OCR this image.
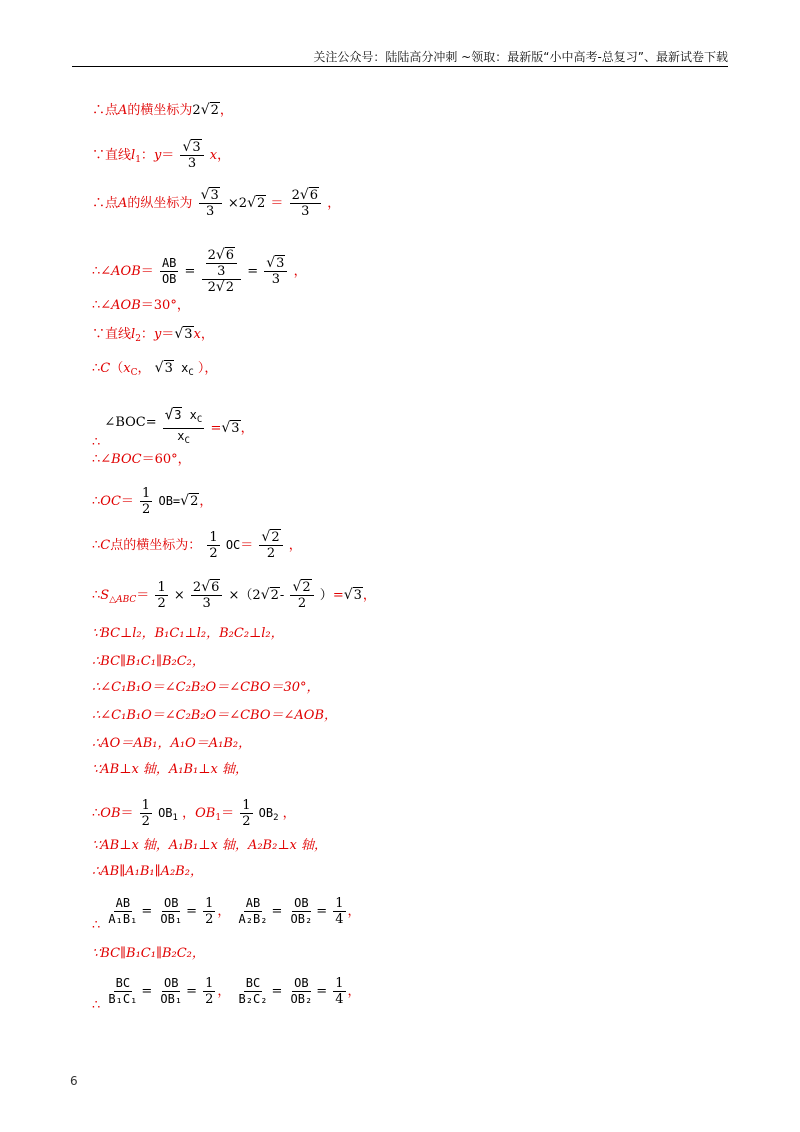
关注公众号：陆陆高分冲刺 ~领取：最新版“小中高考-总复习”、最新试卷下载
∴点A的横坐标为2√2，
∵直线$l_1$：$y= \frac{√3}{3}$ x，
∴点A的纵坐标为 $\frac{√3}{3} \times 2√2 = \frac{2√6}{3}$ ，
∴∠AOB＝ $\frac{AB}{OB} = \frac{\frac{2√6}{3}}{2√2} = \frac{√3}{3}$ ，
∴∠AOB＝30°，
∵直线$l_2$：y＝√3x，
$\therefore C(x_C$， √3 $x_C$ ），
∴ ∠BOC= $\frac{√3 x_C}{x_C} =√3$，
∴∠BOC＝60°，
∴OC＝ $\frac{1}{2} OB=√2$，
∴C点的横坐标为： $\frac{1}{2} OC= \frac{√2}{2}$ ，
$\therefore S_{\triangle ABC}= \frac{1}{2} \times \frac{2√6}{3} \times(2√2- \frac{√2}{2} )=√3$，
∵BC⊥l₂，B₁C₁⊥l₂，B₂C₂⊥l₂，
∴BC∥B₁C₁∥B₂C₂，
∴∠C₁B₁O＝∠C₂B₂O＝∠CBO＝30°，
∴∠C₁B₁O＝∠C₂B₂O＝∠CBO＝∠AOB，
∴AO＝AB₁，A₁O＝A₁B₂，
∵AB⊥x 轴，A₁B₁⊥x 轴，
∴OB＝ $\frac{1}{2} OB_1$ ，$OB_1= \frac{1}{2} OB_2$ ，
∵AB⊥x 轴，A₁B₁⊥x 轴，A₂B₂⊥x 轴，
∴AB∥A₁B₁∥A₂B₂，
∴ $\frac{AB}{\text{A₁B₁}} = \frac{OB}{\text{OB₁}} = \frac{1}{2}$ ， $\frac{AB}{\text{A₂B₂}} = \frac{OB}{\text{OB₂}} = \frac{1}{4}$ ，
∵BC∥B₁C₁∥B₂C₂，
∴ $\frac{BC}{\text{B₁C₁}} = \frac{OB}{\text{OB₁}} = \frac{1}{2}$ ， $\frac{BC}{\text{B₂C₂}} = \frac{OB}{\text{OB₂}} = \frac{1}{4}$ ，
6
